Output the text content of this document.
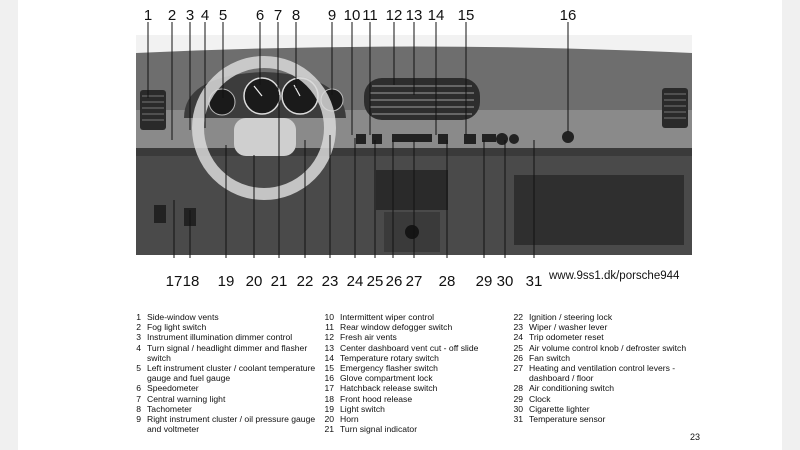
1 2 3 4 5 6 7 8 9 10 11 12 13 14 15	16
17 18 19 20 21 22 23 24 25 26 27 28 29 30 31 www.9ss1.dk/porsche944
1 Side-window vents
2 Fog light switch
3 Instrument illumination dimmer control
4 Turn signal / headlight dimmer and flasher switch
5 Left instrument cluster / coolant temperature gauge and fuel gauge
6 Speedometer
7 Central warning light
8 Tachometer
9 Right instrument cluster / oil pressure gauge and voltmeter
10 Intermittent wiper control
11 Rear window defogger switch
12 Fresh air vents
13 Center dashboard vent cut - off slide
14 Temperature rotary switch
15 Emergency flasher switch
16 Glove compartment lock
17 Hatchback release switch
18 Front hood release
19 Light switch
20 Horn
21 Turn signal indicator
22 Ignition / steering lock
23 Wiper / washer lever
24 Trip odometer reset
25 Air volume control knob / defroster switch
26 Fan switch
27 Heating and ventilation control levers - dashboard / floor
28 Air conditioning switch
29 Clock
30 Cigarette lighter
31 Temperature sensor
23
